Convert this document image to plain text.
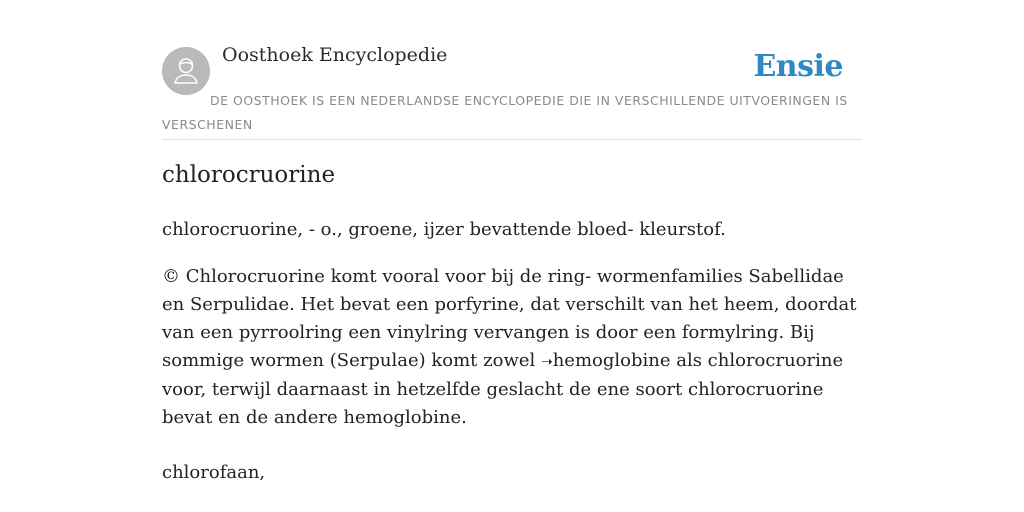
Oosthoek Encyclopedie	Ensie
DE OOSTHOEK IS EEN NEDERLANDSE ENCYCLOPEDIE DIE IN VERSCHILLENDE UITVOERINGEN IS VERSCHENEN
chlorocruorine

chlorocruorine, - o., groene, ijzer bevattende bloed- kleurstof.

© Chlorocruorine komt vooral voor bij de ring- wormenfamilies Sabellidae en Serpulidae. Het bevat een porfyrine, dat verschilt van het heem, doordat van een pyrroolring een vinylring vervangen is door een formylring. Bij sommige wormen (Serpulae) komt zowel ➝hemoglobine als chlorocruorine voor, terwijl daarnaast in hetzelfde geslacht de ene soort chlorocruorine bevat en de andere hemoglobine.

chlorofaan,
